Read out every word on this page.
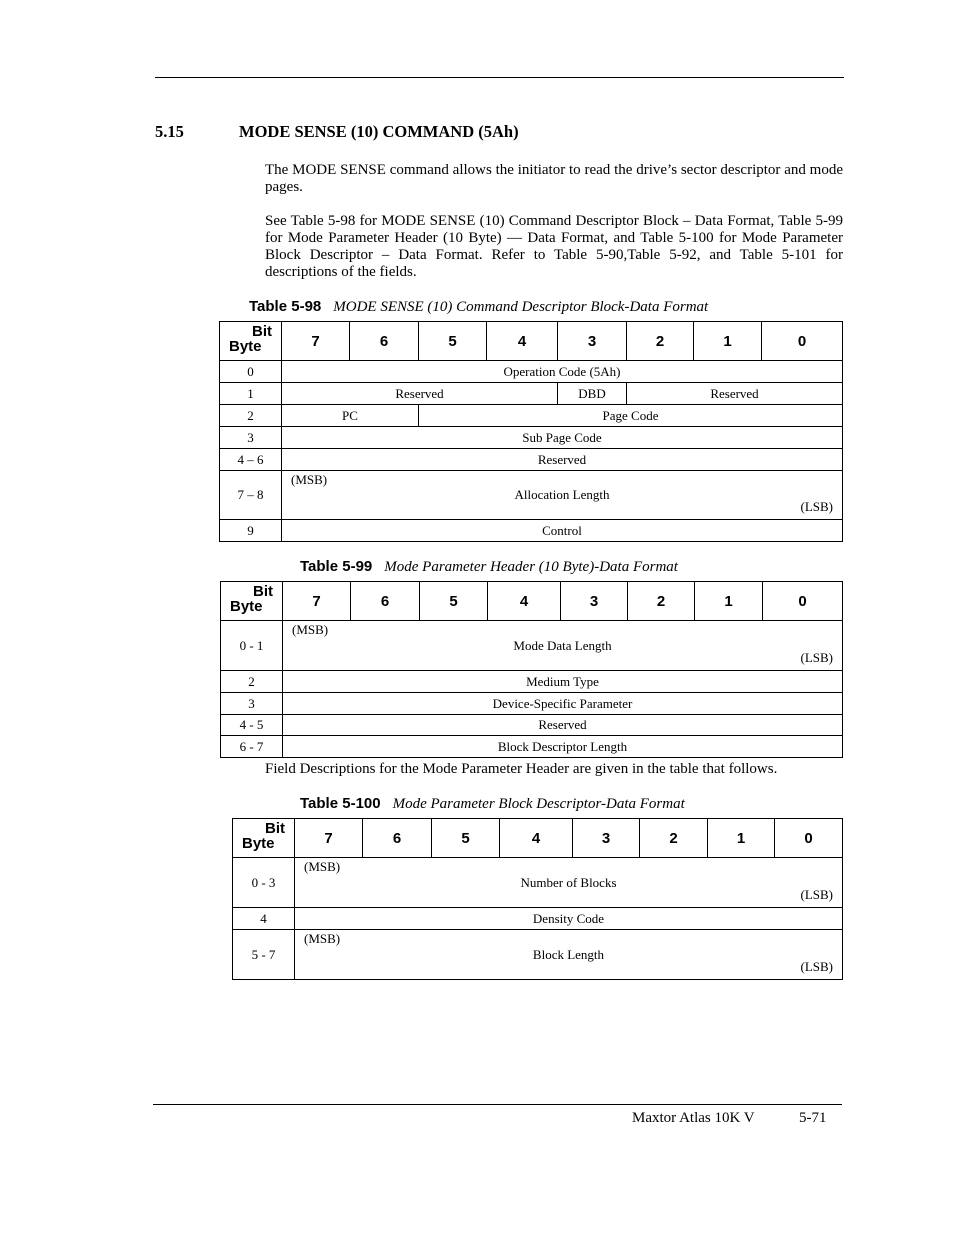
5.15	MODE SENSE (10) COMMAND (5Ah)
The MODE SENSE command allows the initiator to read the drive’s sector descriptor and mode pages.
See Table 5-98 for MODE SENSE (10) Command Descriptor Block – Data Format, Table 5-99 for Mode Parameter Header (10 Byte) — Data Format, and Table 5-100 for Mode Parameter Block Descriptor – Data Format. Refer to Table 5-90,Table 5-92, and Table 5-101 for descriptions of the fields.
Table 5-98 MODE SENSE (10) Command Descriptor Block-Data Format
Bit
Byte	7	6	5	4	3	2	1	0
0	Operation Code (5Ah)							
1	Reserved				DBD	Reserved		
2	PC		Page Code					
3	Sub Page Code							
4 – 6	Reserved							
7 – 8	(MSB)
Allocation Length
(LSB)							

9	Control							
Table 5-99 Mode Parameter Header (10 Byte)-Data Format
Bit
Byte	7	6	5	4	3	2	1	0
0 - 1	(MSB)
Mode Data Length
(LSB)							

2	Medium Type							
3	Device-Specific Parameter							
4 - 5	Reserved							
6 - 7	Block Descriptor Length							
Field Descriptions for the Mode Parameter Header are given in the table that follows.
Table 5-100 Mode Parameter Block Descriptor-Data Format
Bit
Byte	7	6	5	4	3	2	1	0
0 - 3	(MSB)
Number of Blocks
(LSB)							

4	Density Code							
5 - 7	(MSB)
Block Length
(LSB)							
Maxtor Atlas 10K V	5-71
